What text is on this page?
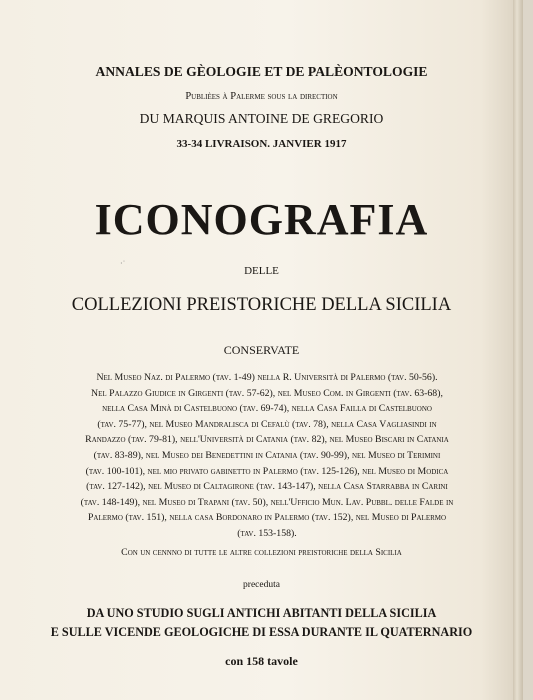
ANNALES DE GÈOLOGIE ET DE PALÈONTOLOGIE
Publièes à Palerme sous la direction
DU MARQUIS ANTOINE DE GREGORIO
33-34 LIVRAISON. JANVIER 1917
ICONOGRAFIA
·˙
DELLE
COLLEZIONI PREISTORICHE DELLA SICILIA
CONSERVATE
Nel Museo Naz. di Palermo (tav. 1-49) nella R. Università di Palermo (tav. 50-56).
Nel Palazzo Giudice in Girgenti (tav. 57-62), nel Museo Com. in Girgenti (tav. 63-68),
nella Casa Minà di Castelbuono (tav. 69-74), nella Casa Failla di Castelbuono
(tav. 75-77), nel Museo Mandralisca di Cefalù (tav. 78), nella Casa Vagliasindi in
Randazzo (tav. 79-81), nell'Università di Catania (tav. 82), nel Museo Biscari in Catania
(tav. 83-89), nel Museo dei Benedettini in Catania (tav. 90-99), nel Museo di Terimini
(tav. 100-101), nel mio privato gabinetto in Palermo (tav. 125-126), nel Museo di Modica
(tav. 127-142), nel Museo di Caltagirone (tav. 143-147), nella Casa Starrabba in Carini
(tav. 148-149), nel Museo di Trapani (tav. 50), nell'Ufficio Mun. Lav. Pubbl. delle Falde in
Palermo (tav. 151), nella casa Bordonaro in Palermo (tav. 152), nel Museo di Palermo
(tav. 153-158).
Con un cennno di tutte le altre collezioni preistoriche della Sicilia
preceduta
DA UNO STUDIO SUGLI ANTICHI ABITANTI DELLA SICILIA
E SULLE VICENDE GEOLOGICHE DI ESSA DURANTE IL QUATERNARIO
con 158 tavole
